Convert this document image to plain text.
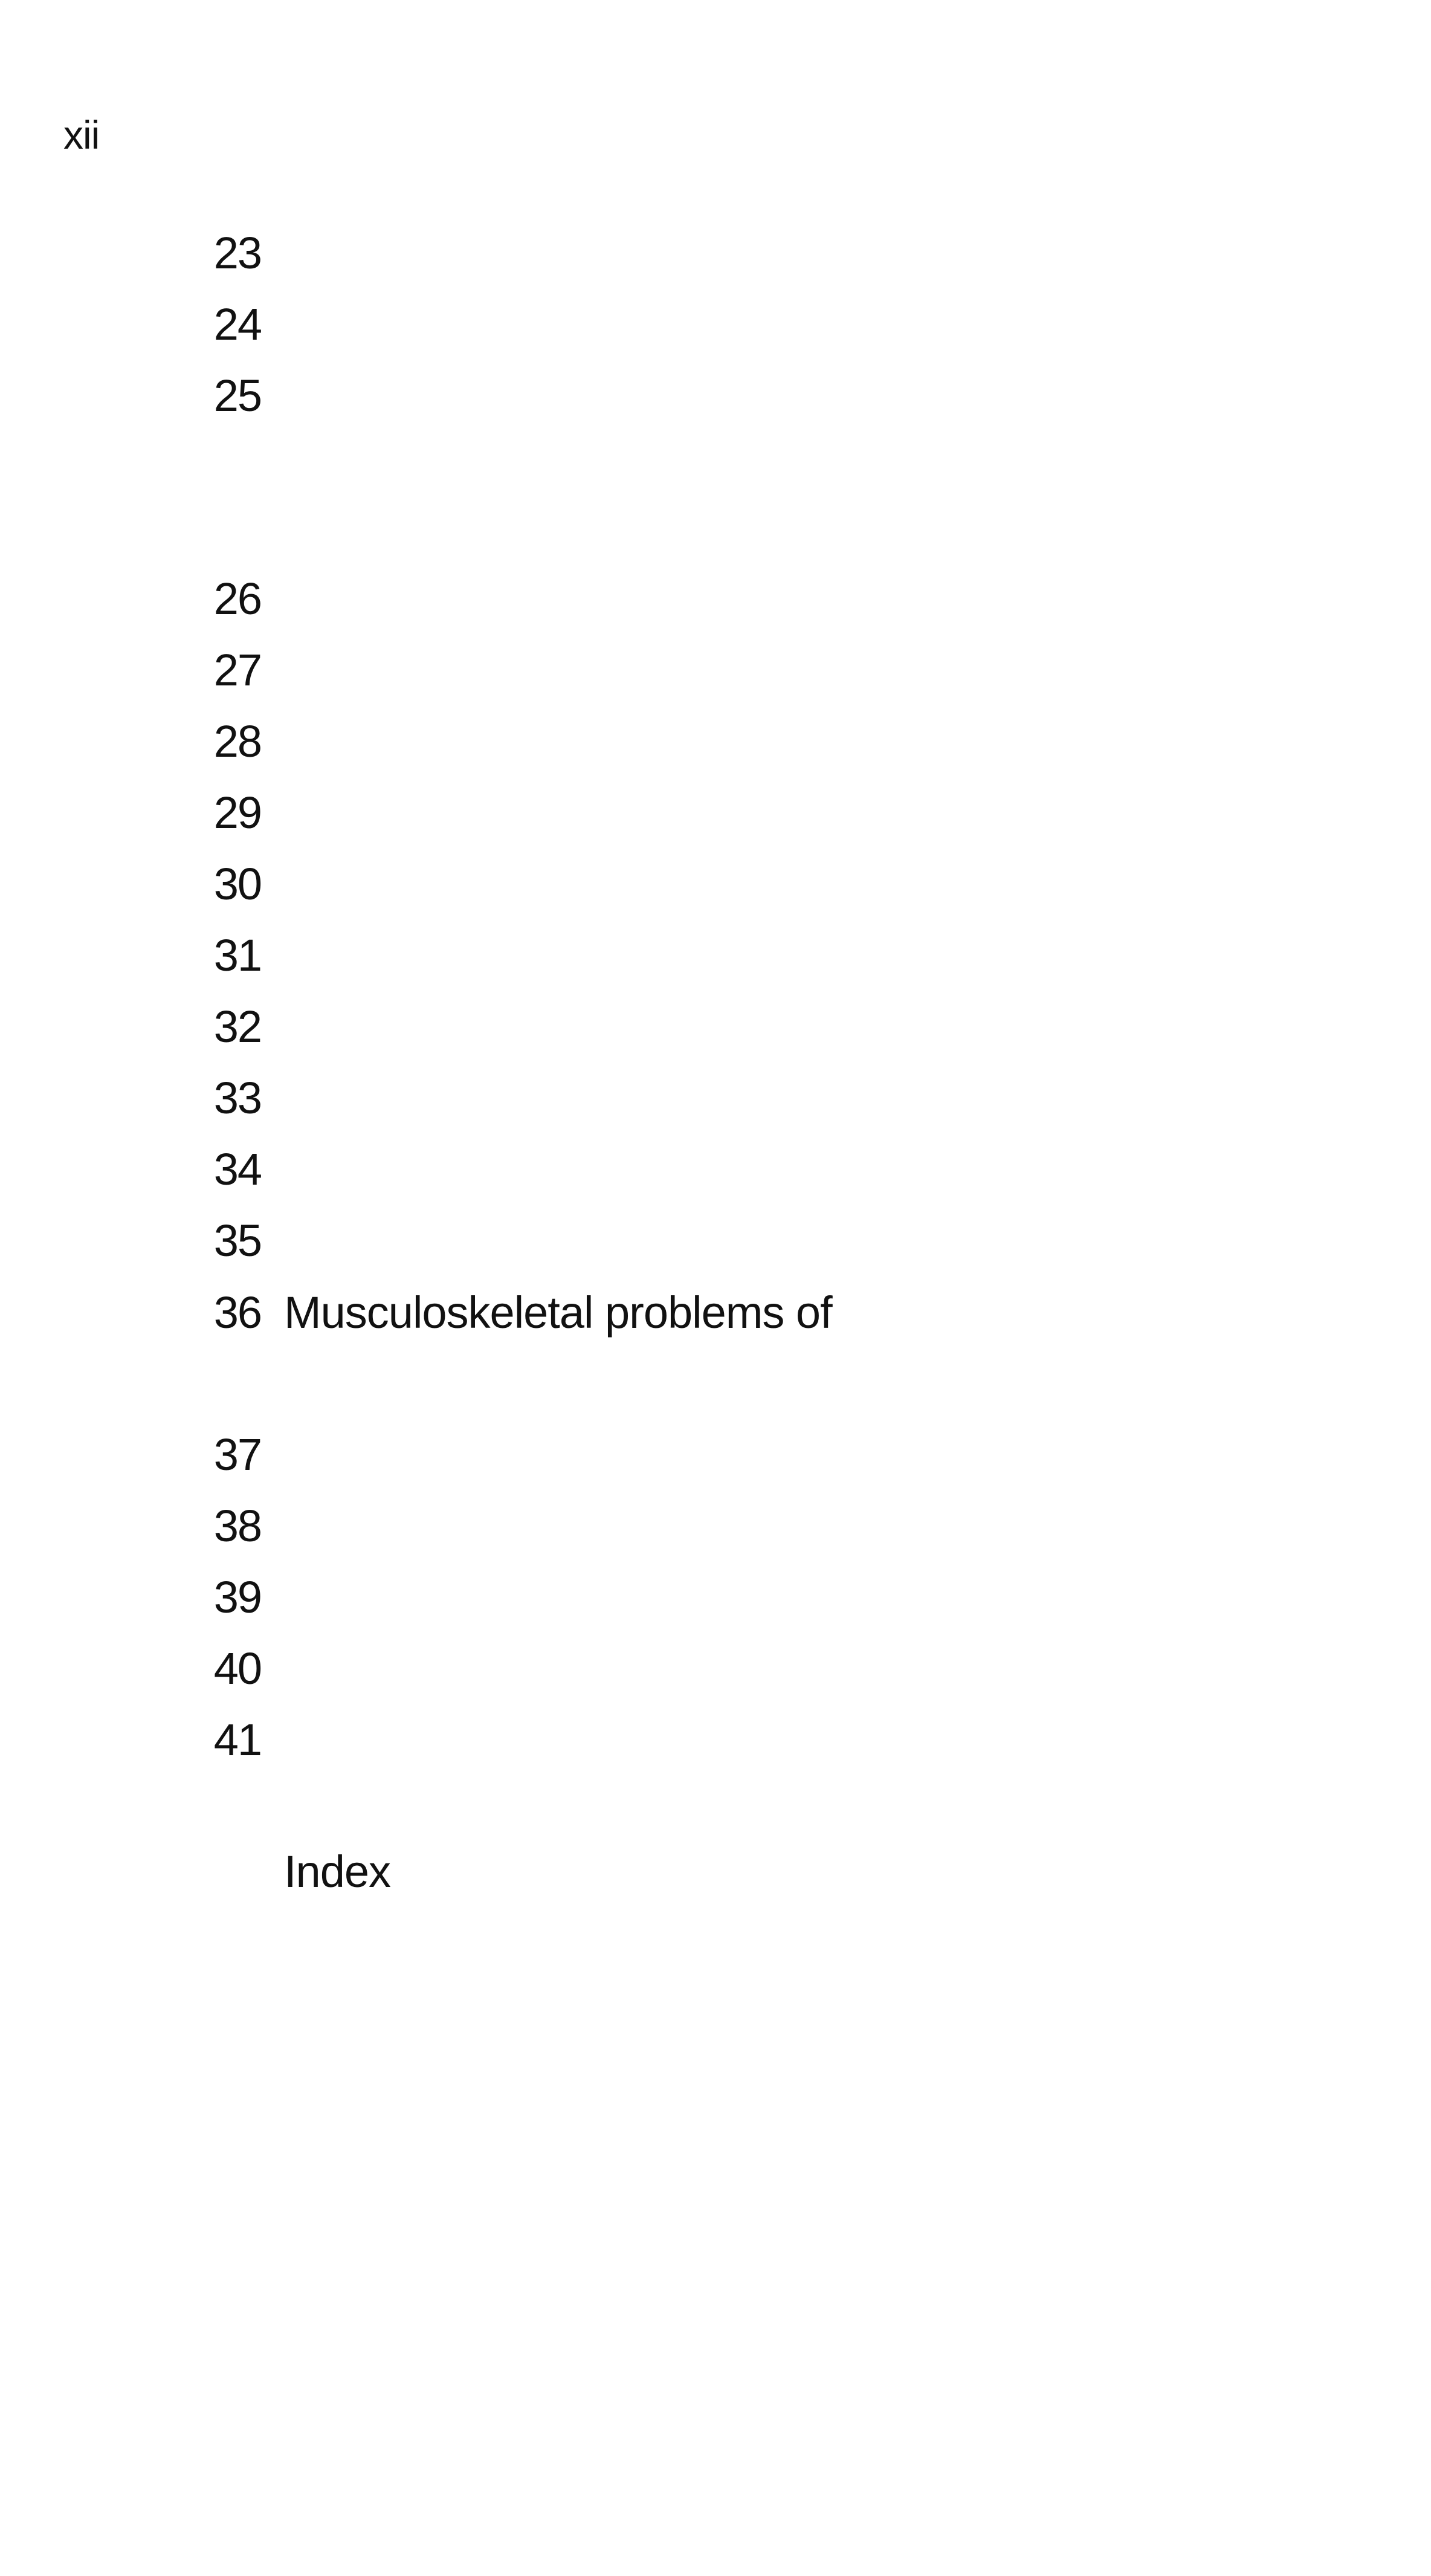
xii
23
24
25
26
27
28
29
30
31
32
33
34
35
36 Musculoskeletal problems of
37
38
39
40
41
Index
